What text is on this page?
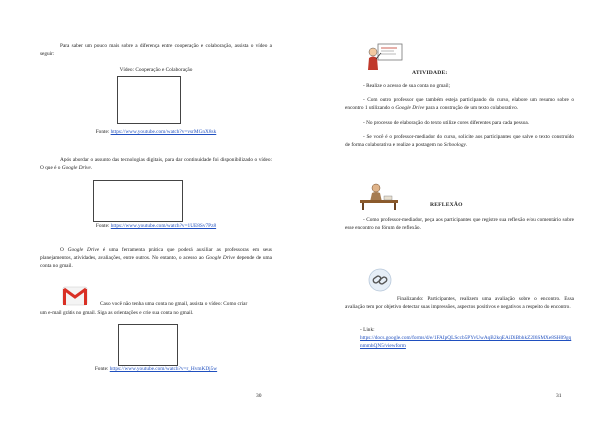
Para saber um pouco mais sobre a diferença entre cooperação e colaboração, assista o vídeo a seguir:

Vídeo: Cooperação e Colaboração

Fonte: https://www.youtube.com/watch?v=vsrMGnX8sk

Após abordar o assunto das tecnologias digitais, para dar continuidade foi disponibilizado o vídeo: O que é o Google Drive.

Fonte: https://www.youtube.com/watch?v=1UE8Sv7Pz8

O Google Drive é uma ferramenta prática que poderá auxiliar as professoras em seus planejamentos, atividades, avaliações, entre outros. No entanto, o acesso ao Google Drive depende de uma conta no gmail.

Caso você não tenha uma conta no gmail, assista o vídeo: Como criar

um e-mail grátis no gmail. Siga as orientações e crie sua conta no gmail.

Fonte: https://www.youtube.com/watch?v=r_HvmKDj5w

30
ATIVIDADE:

- Realize o acesso de sua conta no gmail;

- Com outro professor que também esteja participando do curso, elabore um resumo sobre o encontro 1 utilizando o Google Drive para a construção de um texto colaborativo.

- No processo de elaboração do texto utilize cores diferentes para cada pessoa.

- Se você é o professor-mediador do curso, solicite aos participantes que salve o texto construído de forma colaborativa e realize a postagem no Schoology.

REFLEXÃO

- Como professor-mediador, peça aos participantes que registre sua reflexão e/ou comentário sobre esse encontro no fórum de reflexão.

Finalizando: Participantes, realizem uma avaliação sobre o encontro. Essa avaliação tem por objetivo detectar suas impressões, aspectos positivos e negativos a respeito do encontro.

- Link:

https://docs.google.com/forms/d/e/1FAIpQLSccb5PYvUwAqB2kqEAiDiBbhkZ2I6SMXe8SH09gqnmmhQN5/viewform

31
